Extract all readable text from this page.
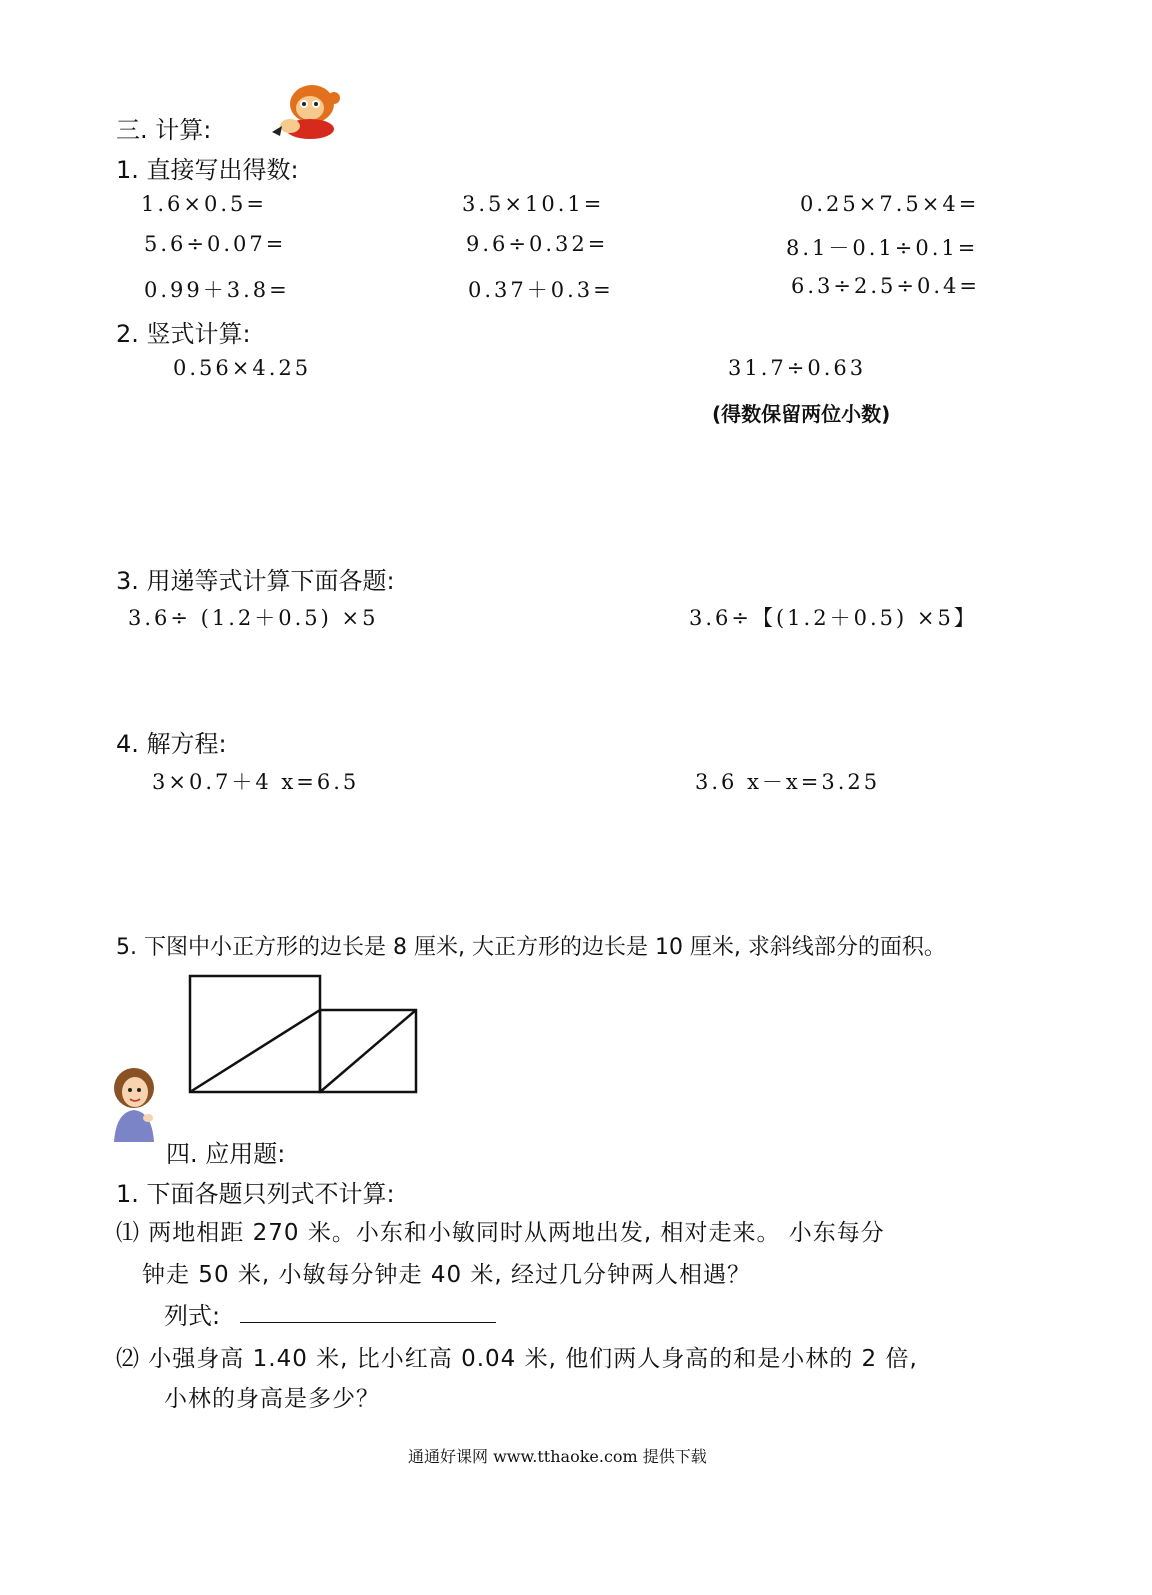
三. 计算:
1. 直接写出得数:
1.6×0.5=	3.5×10.1=	0.25×7.5×4=
5.6÷0.07=	9.6÷0.32=	8.1－0.1÷0.1=
0.99＋3.8=	0.37＋0.3=	6.3÷2.5÷0.4=
2. 竖式计算:
0.56×4.25	31.7÷0.63
(得数保留两位小数)
3. 用递等式计算下面各题:
3.6÷ (1.2＋0.5) ×5	3.6÷【(1.2＋0.5) ×5】
4. 解方程:
3×0.7＋4 x=6.5	3.6 x－x=3.25
5. 下图中小正方形的边长是 8 厘米, 大正方形的边长是 10 厘米, 求斜线部分的面积。
四. 应用题:
1. 下面各题只列式不计算:
⑴ 两地相距 270 米。小东和小敏同时从两地出发, 相对走来。 小东每分
钟走 50 米, 小敏每分钟走 40 米, 经过几分钟两人相遇？
列式:
⑵ 小强身高 1.40 米, 比小红高 0.04 米, 他们两人身高的和是小林的 2 倍,
小林的身高是多少？
通通好课网 www.tthaoke.com 提供下载
